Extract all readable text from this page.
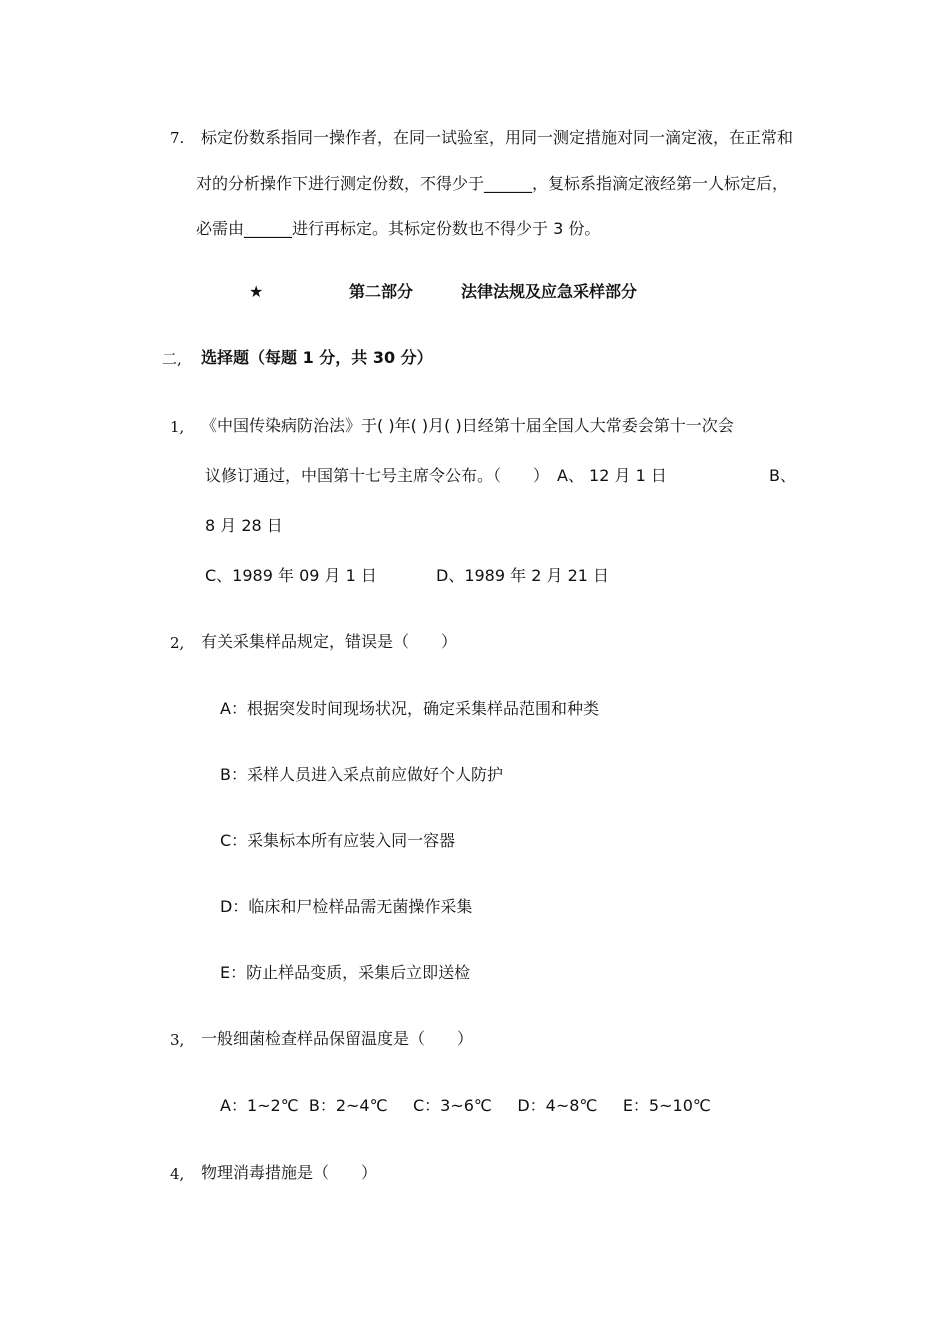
7. 标定份数系指同一操作者，在同一试验室，用同一测定措施对同一滴定液，在正常和
对的分析操作下进行测定份数，不得少于______，复标系指滴定液经第一人标定后，
必需由______进行再标定。其标定份数也不得少于 3 份。
★	第二部分	法律法规及应急采样部分
二, 选择题（每题 1 分，共 30 分）
1, 《中国传染病防治法》于( )年( )月( )日经第十届全国人大常委会第十一次会
议修订通过，中国第十七号主席令公布。（　　）　A、 12 月 1 日	B、
8 月 28 日
C、1989 年 09 月 1 日	D、1989 年 2 月 21 日
2, 有关采集样品规定，错误是（　　）
A：根据突发时间现场状况，确定采集样品范围和种类
B：采样人员进入采点前应做好个人防护
C：采集标本所有应装入同一容器
D：临床和尸检样品需无菌操作采集
E：防止样品变质，采集后立即送检
3, 一般细菌检查样品保留温度是（　　）
A：1~2℃  B：2~4℃     C：3~6℃     D：4~8℃     E：5~10℃
4, 物理消毒措施是（　　）
